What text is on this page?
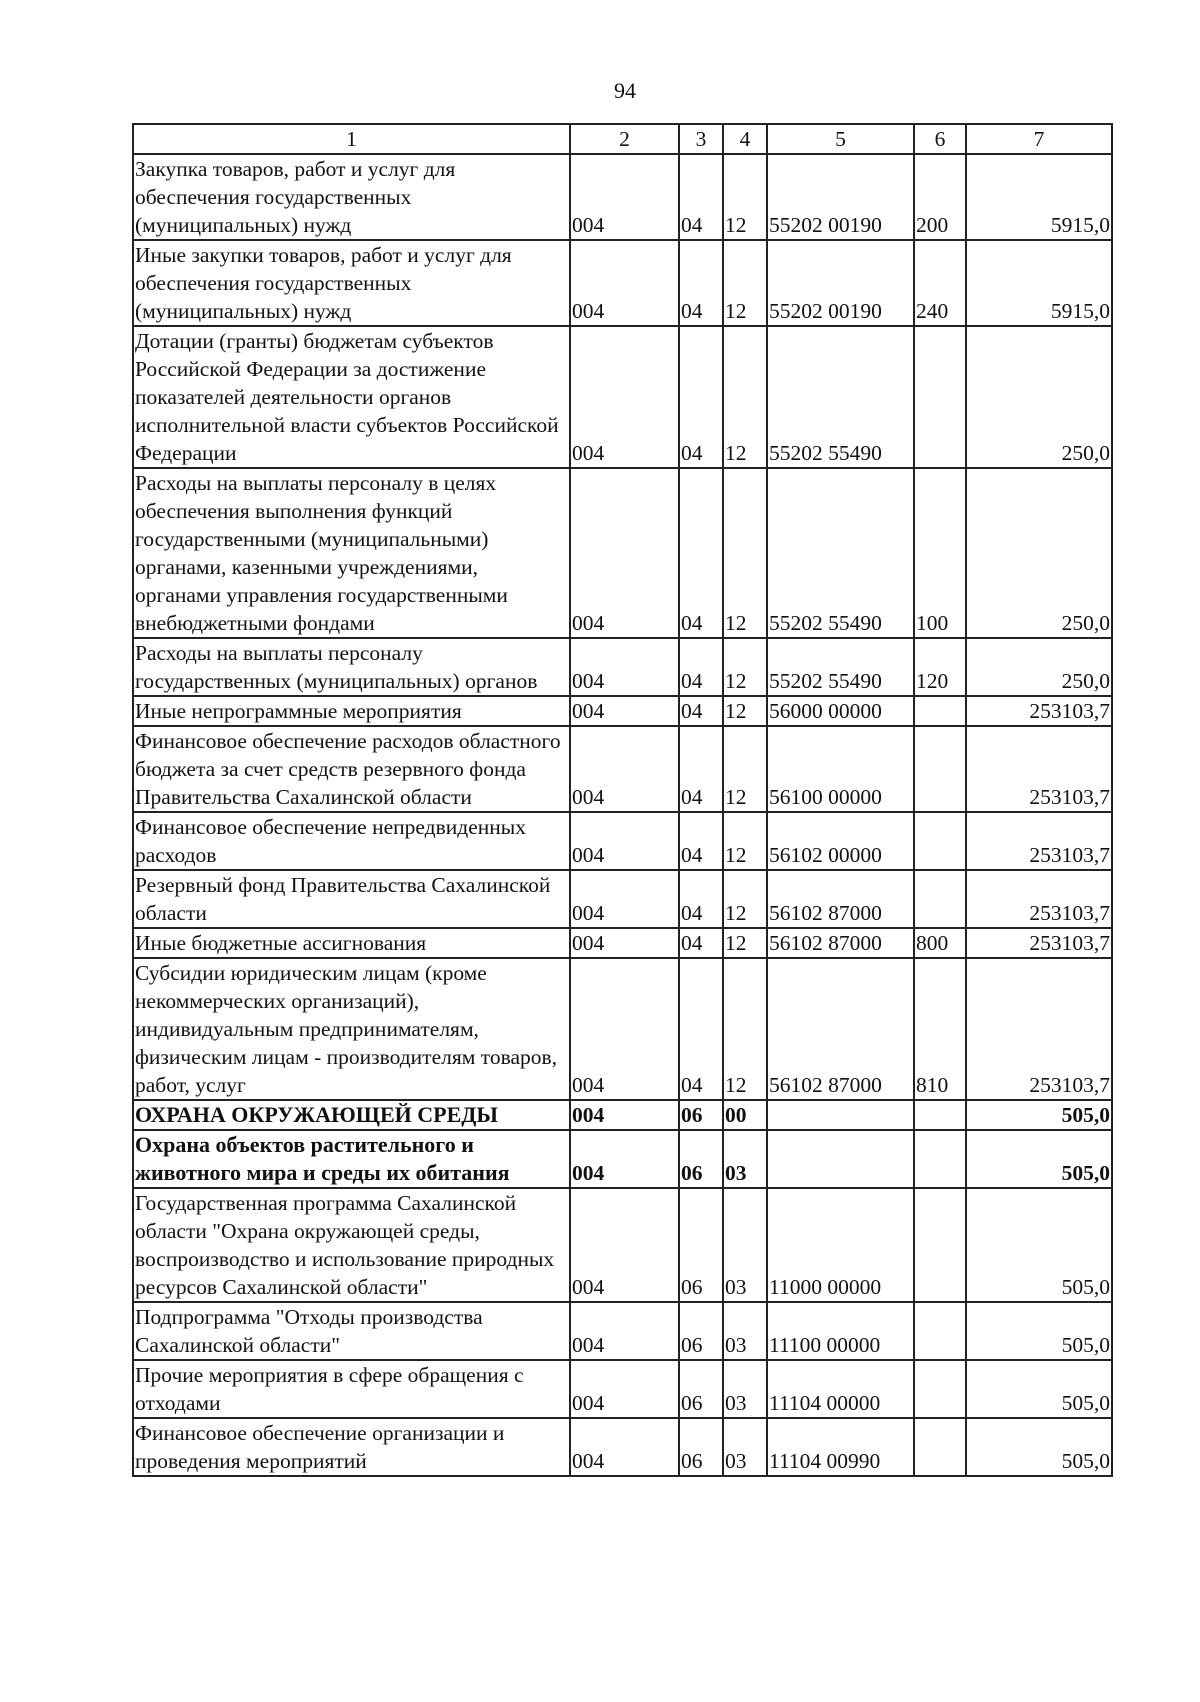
94
1	2	3	4	5	6	7
Закупка товаров, работ и услуг для обеспечения государственных (муниципальных) нужд	004	04	12	55202 00190	200	5915,0
Иные закупки товаров, работ и услуг для обеспечения государственных (муниципальных) нужд	004	04	12	55202 00190	240	5915,0
Дотации (гранты) бюджетам субъектов Российской Федерации за достижение показателей деятельности органов исполнительной власти субъектов Российской Федерации	004	04	12	55202 55490		250,0
Расходы на выплаты персоналу в целях обеспечения выполнения функций государственными (муниципальными) органами, казенными учреждениями, органами управления государственными внебюджетными фондами	004	04	12	55202 55490	100	250,0
Расходы на выплаты персоналу государственных (муниципальных) органов	004	04	12	55202 55490	120	250,0
Иные непрограммные мероприятия	004	04	12	56000 00000		253103,7
Финансовое обеспечение расходов областного бюджета за счет средств резервного фонда Правительства Сахалинской области	004	04	12	56100 00000		253103,7
Финансовое обеспечение непредвиденных расходов	004	04	12	56102 00000		253103,7
Резервный фонд Правительства Сахалинской области	004	04	12	56102 87000		253103,7
Иные бюджетные ассигнования	004	04	12	56102 87000	800	253103,7
Субсидии юридическим лицам (кроме некоммерческих организаций), индивидуальным предпринимателям, физическим лицам - производителям товаров, работ, услуг	004	04	12	56102 87000	810	253103,7
ОХРАНА ОКРУЖАЮЩЕЙ СРЕДЫ	004	06	00			505,0
Охрана объектов растительного и животного мира и среды их обитания	004	06	03			505,0
Государственная программа Сахалинской области "Охрана окружающей среды, воспроизводство и использование природных ресурсов Сахалинской области"	004	06	03	11000 00000		505,0
Подпрограмма "Отходы производства Сахалинской области"	004	06	03	11100 00000		505,0
Прочие мероприятия в сфере обращения с отходами	004	06	03	11104 00000		505,0
Финансовое обеспечение организации и проведения мероприятий	004	06	03	11104 00990		505,0
